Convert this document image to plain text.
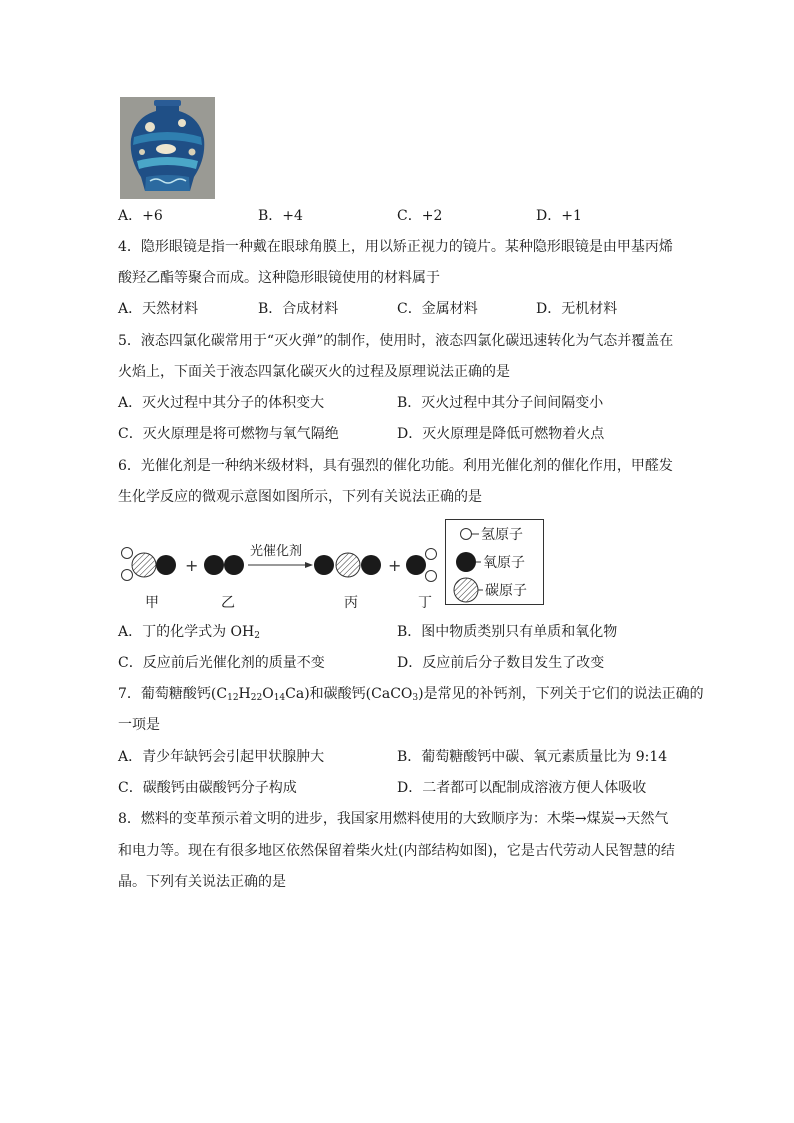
A．+6	B．+4	C．+2	D．+1
4．隐形眼镜是指一种戴在眼球角膜上，用以矫正视力的镜片。某种隐形眼镜是由甲基丙烯
酸羟乙酯等聚合而成。这种隐形眼镜使用的材料属于
A．天然材料	B．合成材料	C．金属材料	D．无机材料
5．液态四氯化碳常用于“灭火弹”的制作，使用时，液态四氯化碳迅速转化为气态并覆盖在
火焰上，下面关于液态四氯化碳灭火的过程及原理说法正确的是
A．灭火过程中其分子的体积变大	B．灭火过程中其分子间间隔变小
C．灭火原理是将可燃物与氧气隔绝	D．灭火原理是降低可燃物着火点
6．光催化剂是一种纳米级材料，具有强烈的催化功能。利用光催化剂的催化作用，甲醛发
生化学反应的微观示意图如图所示，下列有关说法正确的是
+
光催化剂
+
甲	乙	丙	丁
氢原子
氧原子
碳原子
A．丁的化学式为 $OH_2$	B．图中物质类别只有单质和氧化物
C．反应前后光催化剂的质量不变	D．反应前后分子数目发生了改变
7．葡萄糖酸钙$(C_{12}H_{22}O_{14}Ca)$和碳酸钙(CaCO$_3$)是常见的补钙剂，下列关于它们的说法正确的
一项是
A．青少年缺钙会引起甲状腺肿大	B．葡萄糖酸钙中碳、氧元素质量比为 9:14
C．碳酸钙由碳酸钙分子构成	D．二者都可以配制成溶液方便人体吸收
8．燃料的变革预示着文明的进步，我国家用燃料使用的大致顺序为：木柴→煤炭→天然气
和电力等。现在有很多地区依然保留着柴火灶(内部结构如图)，它是古代劳动人民智慧的结
晶。下列有关说法正确的是
